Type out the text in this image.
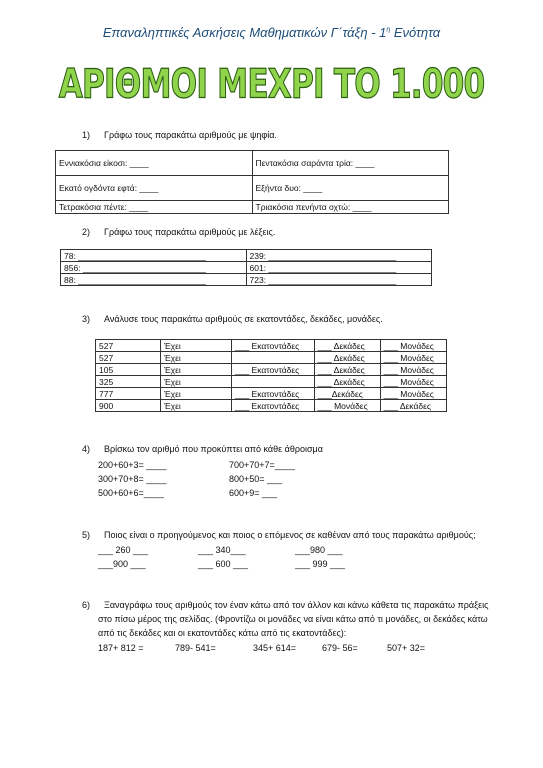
Επαναληπτικές Ασκήσεις Μαθηματικών $\Gamma΄\tau ά\xi\eta - 1^\eta$ Ενότητα
ΑΡΙΘΜΟΙ ΜΕΧΡΙ ΤΟ 1.000
1) Γράφω τους παρακάτω αριθμούς με ψηφία.
Εννιακόσια είκοσι: ____	Πεντακόσια σαράντα τρία: ____
Εκατό ογδόντα εφτά: ____	Εξήντα δυο: ____
Τετρακόσια πέντε: ____	Τριακόσια πενήντα οχτώ: ____
2) Γράφω τους παρακάτω αριθμούς με λέξεις.
78: ___________________________	239: ___________________________
856: __________________________	601: ___________________________
88: ___________________________	723: ___________________________
3) Ανάλυσε τους παρακάτω αριθμούς σε εκατοντάδες, δεκάδες, μονάδες.
527	Έχει	___ Εκατοντάδες	___ Δεκάδες	___ Μονάδες
527	Έχει		___ Δεκάδες	___ Μονάδες
105	Έχει	___ Εκατοντάδες	___ Δεκάδες	___ Μονάδες
325	Έχει		___ Δεκάδες	___ Μονάδες
777	Έχει	___ Εκατοντάδες	___Δεκάδες	___ Μονάδες
900	Έχει	___ Εκατοντάδες	___ Μονάδες	___ Δεκάδες
4) Βρίσκω τον αριθμό που προκύπτει από κάθε άθροισμα
200+60+3= ____	700+70+7=____
300+70+8= ____	800+50= ___
500+60+6=____	600+9= ___
5) Ποιος είναι ο προηγούμενος και ποιος ο επόμενος σε καθέναν από τους παρακάτω αριθμούς;
___ 260 ___	___ 340___	___980 ___
___900 ___	___ 600 ___	___ 999 ___
6) Ξαναγράφω τους αριθμούς τον έναν κάτω από τον άλλον και κάνω κάθετα τις παρακάτω πράξεις
στο πίσω μέρος της σελίδας. (Φροντίζω οι μονάδες να είναι κάτω από τι μονάδες, οι δεκάδες κάτω
από τις δεκάδες και οι εκατοντάδες κάτω από τις εκατοντάδες):
187+ 812 =	789- 541=	345+ 614=	679- 56=	507+ 32=
